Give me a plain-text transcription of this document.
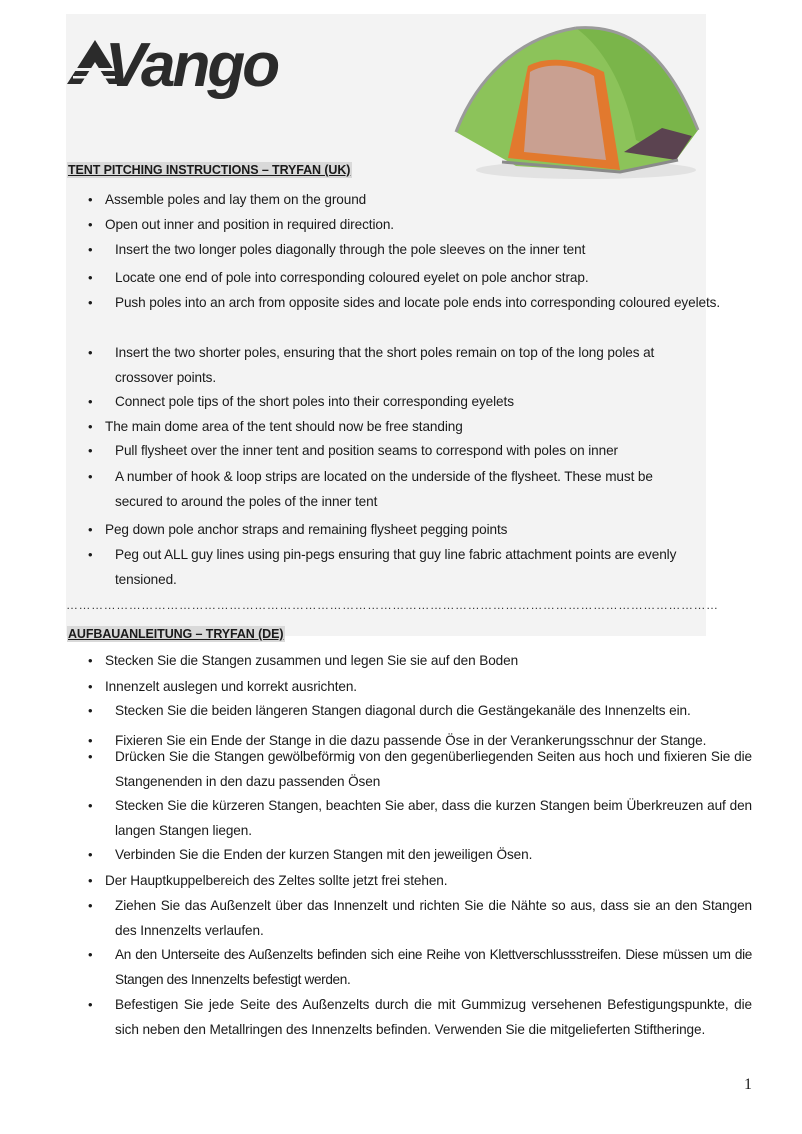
Vango
TENT PITCHING INSTRUCTIONS – TRYFAN (UK)
• Assemble poles and lay them on the ground
• Open out inner and position in required direction.
•	Insert the two longer poles diagonally through the pole sleeves on the inner tent
•	Locate one end of pole into corresponding coloured eyelet on pole anchor strap.
•	Push poles into an arch from opposite sides and locate pole ends into corresponding coloured eyelets.
•	Insert the two shorter poles, ensuring that the short poles remain on top of the long poles at crossover points.
•	Connect pole tips of the short poles into their corresponding eyelets
• The main dome area of the tent should now be free standing
•	Pull flysheet over the inner tent and position seams to correspond with poles on inner
•	A number of hook & loop strips are located on the underside of the flysheet. These must be secured to around the poles of the inner tent
• Peg down pole anchor straps and remaining flysheet pegging points
•	Peg out ALL guy lines using pin-pegs ensuring that guy line fabric attachment points are evenly tensioned.
…………………………………………………………………………………………………………………………………………
AUFBAUANLEITUNG – TRYFAN (DE)
• Stecken Sie die Stangen zusammen und legen Sie sie auf den Boden
• Innenzelt auslegen und korrekt ausrichten.
•	Stecken Sie die beiden längeren Stangen diagonal durch die Gestängekanäle des Innenzelts ein.
•	Fixieren Sie ein Ende der Stange in die dazu passende Öse in der Verankerungsschnur der Stange.
•	Drücken Sie die Stangen gewölbeförmig von den gegenüberliegenden Seiten aus hoch und fixieren Sie die Stangenenden in den dazu passenden Ösen
•	Stecken Sie die kürzeren Stangen, beachten Sie aber, dass die kurzen Stangen beim Überkreuzen auf den langen Stangen liegen.
•	Verbinden Sie die Enden der kurzen Stangen mit den jeweiligen Ösen.
• Der Hauptkuppelbereich des Zeltes sollte jetzt frei stehen.
•	Ziehen Sie das Außenzelt über das Innenzelt und richten Sie die Nähte so aus, dass sie an den Stangen des Innenzelts verlaufen.
•	An den Unterseite des Außenzelts befinden sich eine Reihe von Klettverschlussstreifen. Diese müssen um die Stangen des Innenzelts befestigt werden.
•	Befestigen Sie jede Seite des Außenzelts durch die mit Gummizug versehenen Befestigungspunkte, die sich neben den Metallringen des Innenzelts befinden. Verwenden Sie die mitgelieferten Stiftheringe.
1
